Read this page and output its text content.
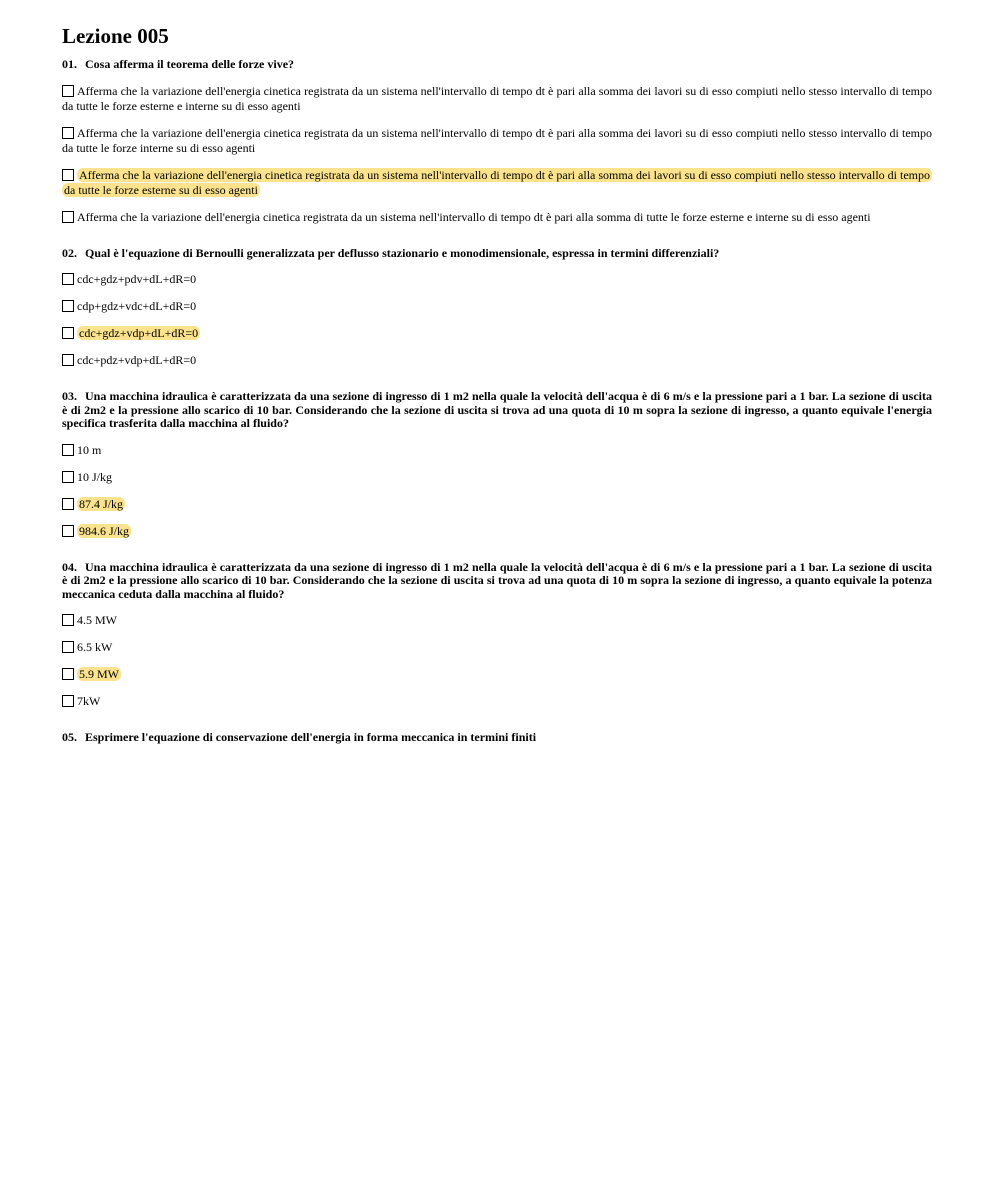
Lezione 005
01. Cosa afferma il teorema delle forze vive?
Afferma che la variazione dell'energia cinetica registrata da un sistema nell'intervallo di tempo dt è pari alla somma dei lavori su di esso compiuti nello stesso intervallo di tempo da tutte le forze esterne e interne su di esso agenti
Afferma che la variazione dell'energia cinetica registrata da un sistema nell'intervallo di tempo dt è pari alla somma dei lavori su di esso compiuti nello stesso intervallo di tempo da tutte le forze interne su di esso agenti
Afferma che la variazione dell'energia cinetica registrata da un sistema nell'intervallo di tempo dt è pari alla somma dei lavori su di esso compiuti nello stesso intervallo di tempo da tutte le forze esterne su di esso agenti
Afferma che la variazione dell'energia cinetica registrata da un sistema nell'intervallo di tempo dt è pari alla somma di tutte le forze esterne e interne su di esso agenti
02. Qual è l'equazione di Bernoulli generalizzata per deflusso stazionario e monodimensionale, espressa in termini differenziali?
cdc+gdz+pdv+dL+dR=0
cdp+gdz+vdc+dL+dR=0
cdc+gdz+vdp+dL+dR=0
cdc+pdz+vdp+dL+dR=0
03. Una macchina idraulica è caratterizzata da una sezione di ingresso di 1 m2 nella quale la velocità dell'acqua è di 6 m/s e la pressione pari a 1 bar. La sezione di uscita è di 2m2 e la pressione allo scarico di 10 bar. Considerando che la sezione di uscita si trova ad una quota di 10 m sopra la sezione di ingresso, a quanto equivale l'energia specifica trasferita dalla macchina al fluido?
10 m
10 J/kg
87.4 J/kg
984.6 J/kg
04. Una macchina idraulica è caratterizzata da una sezione di ingresso di 1 m2 nella quale la velocità dell'acqua è di 6 m/s e la pressione pari a 1 bar. La sezione di uscita è di 2m2 e la pressione allo scarico di 10 bar. Considerando che la sezione di uscita si trova ad una quota di 10 m sopra la sezione di ingresso, a quanto equivale la potenza meccanica ceduta dalla macchina al fluido?
4.5 MW
6.5 kW
5.9 MW
7kW
05. Esprimere l'equazione di conservazione dell'energia in forma meccanica in termini finiti
